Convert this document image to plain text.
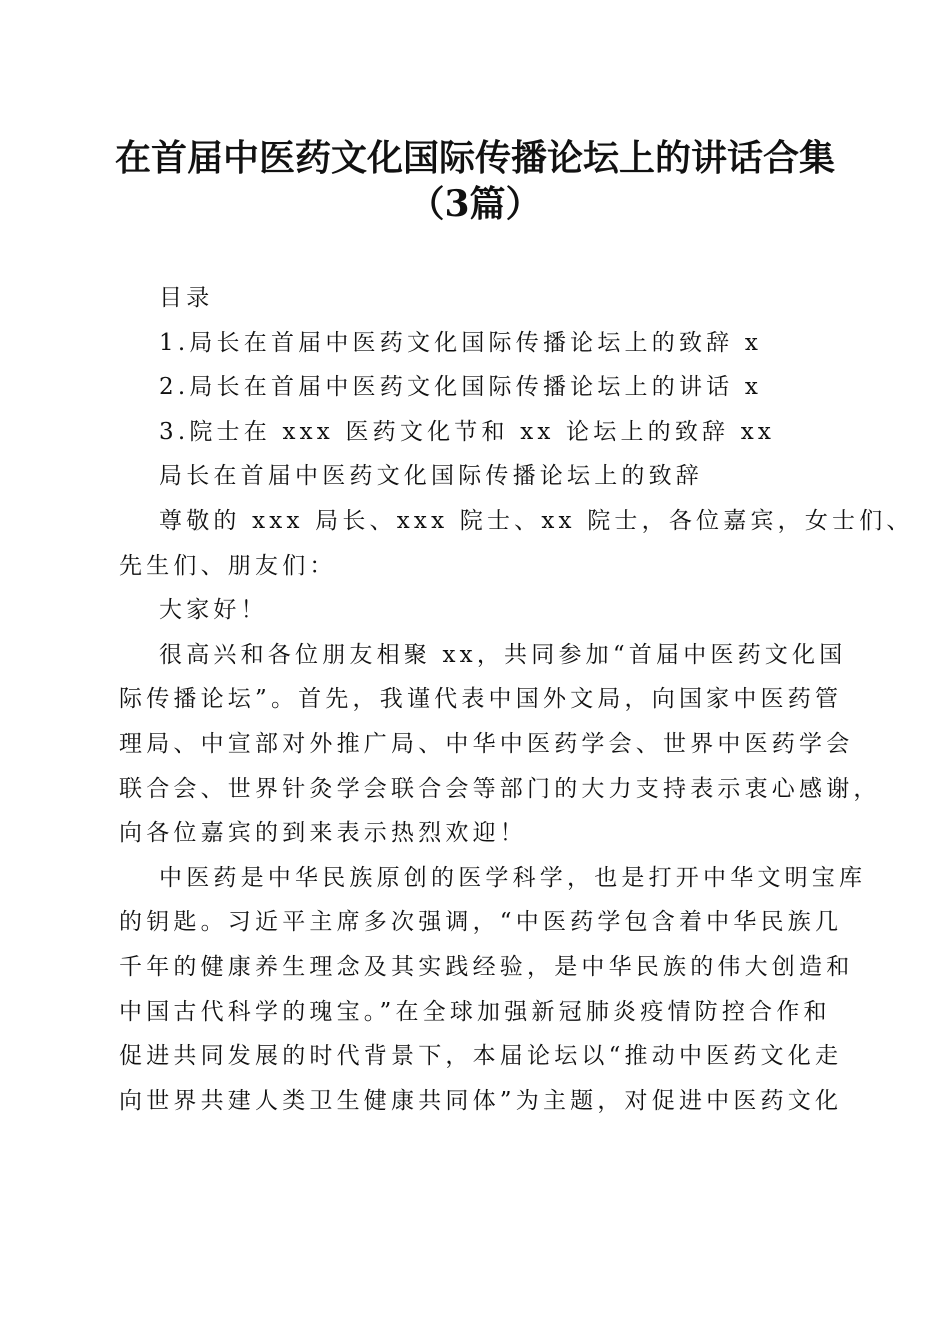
在首届中医药文化国际传播论坛上的讲话合集
（3篇）
目录
1.局长在首届中医药文化国际传播论坛上的致辞 x
2.局长在首届中医药文化国际传播论坛上的讲话 x
3.院士在 xxx 医药文化节和 xx 论坛上的致辞 xx
局长在首届中医药文化国际传播论坛上的致辞
尊敬的 xxx 局长、xxx 院士、xx 院士，各位嘉宾，女士们、
先生们、朋友们：
大家好！
很高兴和各位朋友相聚 xx，共同参加“首届中医药文化国
际传播论坛”。首先，我谨代表中国外文局，向国家中医药管
理局、中宣部对外推广局、中华中医药学会、世界中医药学会
联合会、世界针灸学会联合会等部门的大力支持表示衷心感谢，
向各位嘉宾的到来表示热烈欢迎！
中医药是中华民族原创的医学科学，也是打开中华文明宝库
的钥匙。习近平主席多次强调，“中医药学包含着中华民族几
千年的健康养生理念及其实践经验，是中华民族的伟大创造和
中国古代科学的瑰宝。”在全球加强新冠肺炎疫情防控合作和
促进共同发展的时代背景下，本届论坛以“推动中医药文化走
向世界共建人类卫生健康共同体”为主题，对促进中医药文化
